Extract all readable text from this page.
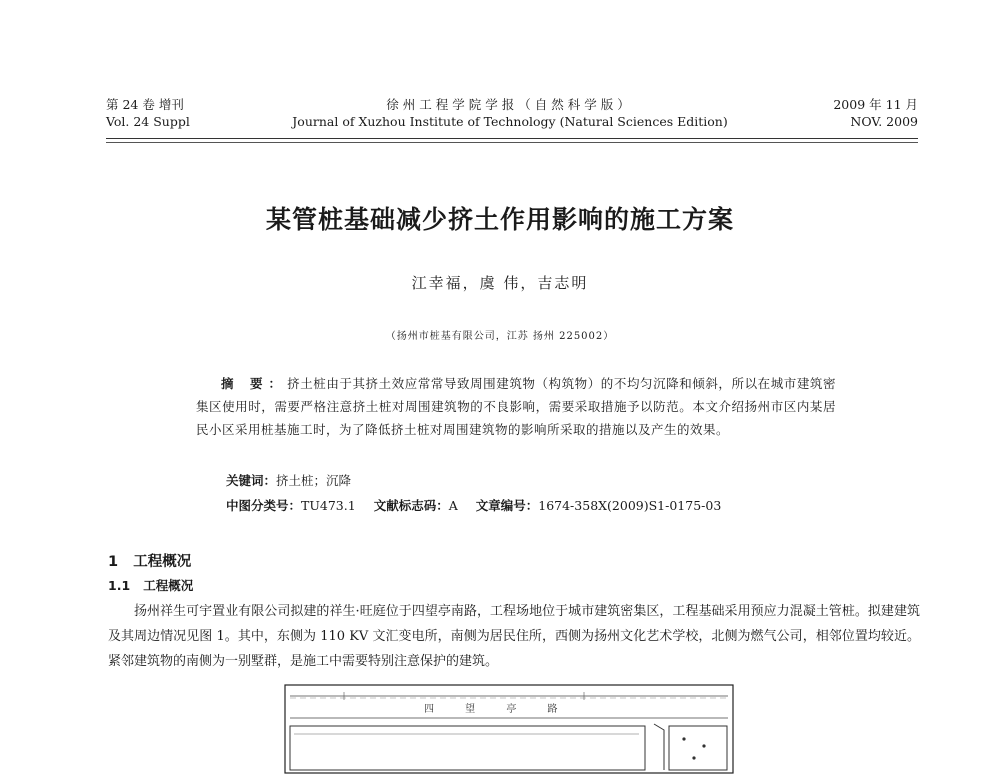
第 24 卷 增刊
Vol. 24 Suppl
徐州工程学院学报（自然科学版）
Journal of Xuzhou Institute of Technology (Natural Sciences Edition)
2009 年 11 月
NOV. 2009
某管桩基础减少挤土作用影响的施工方案
江幸福，虞 伟，吉志明
（扬州市桩基有限公司，江苏 扬州 225002）
摘 要：挤土桩由于其挤土效应常常导致周围建筑物（构筑物）的不均匀沉降和倾斜，所以在城市建筑密集区使用时，需要严格注意挤土桩对周围建筑物的不良影响，需要采取措施予以防范。本文介绍扬州市区内某居民小区采用桩基施工时，为了降低挤土桩对周围建筑物的影响所采取的措施以及产生的效果。
关键词：挤土桩；沉降
中图分类号：TU473.1 文献标志码：A 文章编号：1674-358X(2009)S1-0175-03
1 工程概况
1.1 工程概况
扬州祥生可宇置业有限公司拟建的祥生·旺庭位于四望亭南路，工程场地位于城市建筑密集区，工程基础采用预应力混凝土管桩。拟建建筑及其周边情况见图 1。其中，东侧为 110 KV 文汇变电所，南侧为居民住所，西侧为扬州文化艺术学校，北侧为燃气公司，相邻位置均较近。紧邻建筑物的南侧为一别墅群，是施工中需要特别注意保护的建筑。
四 望 亭 路
